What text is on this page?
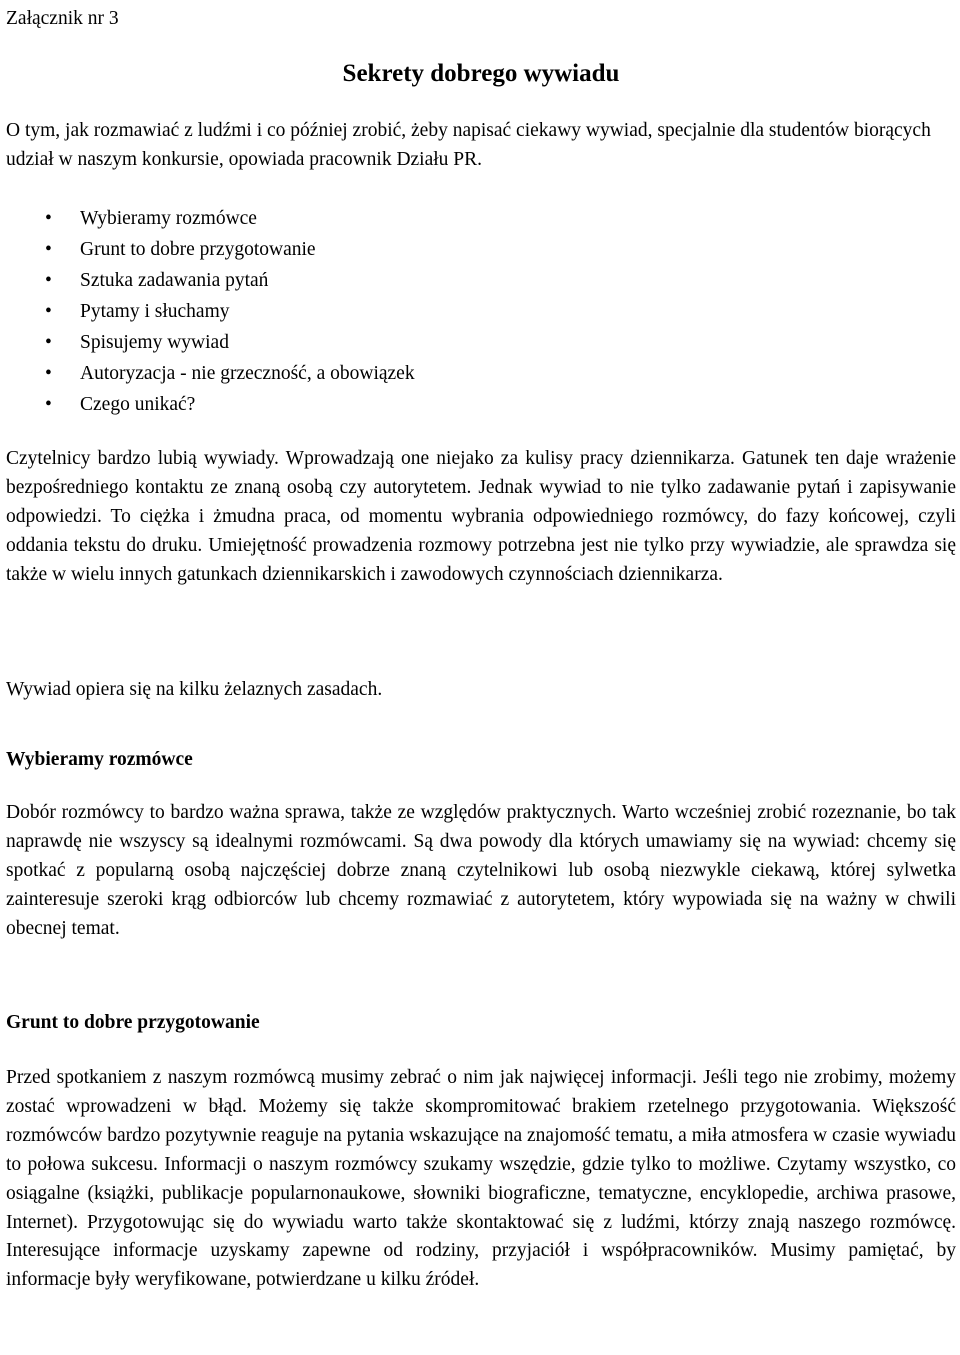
Załącznik nr 3

Sekrety dobrego wywiadu

O tym, jak rozmawiać z ludźmi i co później zrobić, żeby napisać ciekawy wywiad, specjalnie dla studentów biorących udział w naszym konkursie, opowiada pracownik Działu PR.

• Wybieramy rozmówce
• Grunt to dobre przygotowanie
• Sztuka zadawania pytań
• Pytamy i słuchamy
• Spisujemy wywiad
• Autoryzacja - nie grzeczność, a obowiązek
• Czego unikać?

Czytelnicy bardzo lubią wywiady. Wprowadzają one niejako za kulisy pracy dziennikarza. Gatunek ten daje wrażenie bezpośredniego kontaktu ze znaną osobą czy autorytetem. Jednak wywiad to nie tylko zadawanie pytań i zapisywanie odpowiedzi. To ciężka i żmudna praca, od momentu wybrania odpowiedniego rozmówcy, do fazy końcowej, czyli oddania tekstu do druku. Umiejętność prowadzenia rozmowy potrzebna jest nie tylko przy wywiadzie, ale sprawdza się także w wielu innych gatunkach dziennikarskich i zawodowych czynnościach dziennikarza.

Wywiad opiera się na kilku żelaznych zasadach.

Wybieramy rozmówce

Dobór rozmówcy to bardzo ważna sprawa, także ze względów praktycznych. Warto wcześniej zrobić rozeznanie, bo tak naprawdę nie wszyscy są idealnymi rozmówcami. Są dwa powody dla których umawiamy się na wywiad: chcemy się spotkać z popularną osobą najczęściej dobrze znaną czytelnikowi lub osobą niezwykle ciekawą, której sylwetka zainteresuje szeroki krąg odbiorców lub chcemy rozmawiać z autorytetem, który wypowiada się na ważny w chwili obecnej temat.

Grunt to dobre przygotowanie

Przed spotkaniem z naszym rozmówcą musimy zebrać o nim jak najwięcej informacji. Jeśli tego nie zrobimy, możemy zostać wprowadzeni w błąd. Możemy się także skompromitować brakiem rzetelnego przygotowania. Większość rozmówców bardzo pozytywnie reaguje na pytania wskazujące na znajomość tematu, a miła atmosfera w czasie wywiadu to połowa sukcesu. Informacji o naszym rozmówcy szukamy wszędzie, gdzie tylko to możliwe. Czytamy wszystko, co osiągalne (książki, publikacje popularnonaukowe, słowniki biograficzne, tematyczne, encyklopedie, archiwa prasowe, Internet). Przygotowując się do wywiadu warto także skontaktować się z ludźmi, którzy znają naszego rozmówcę. Interesujące informacje uzyskamy zapewne od rodziny, przyjaciół i współpracowników. Musimy pamiętać, by informacje były weryfikowane, potwierdzane u kilku źródeł.
